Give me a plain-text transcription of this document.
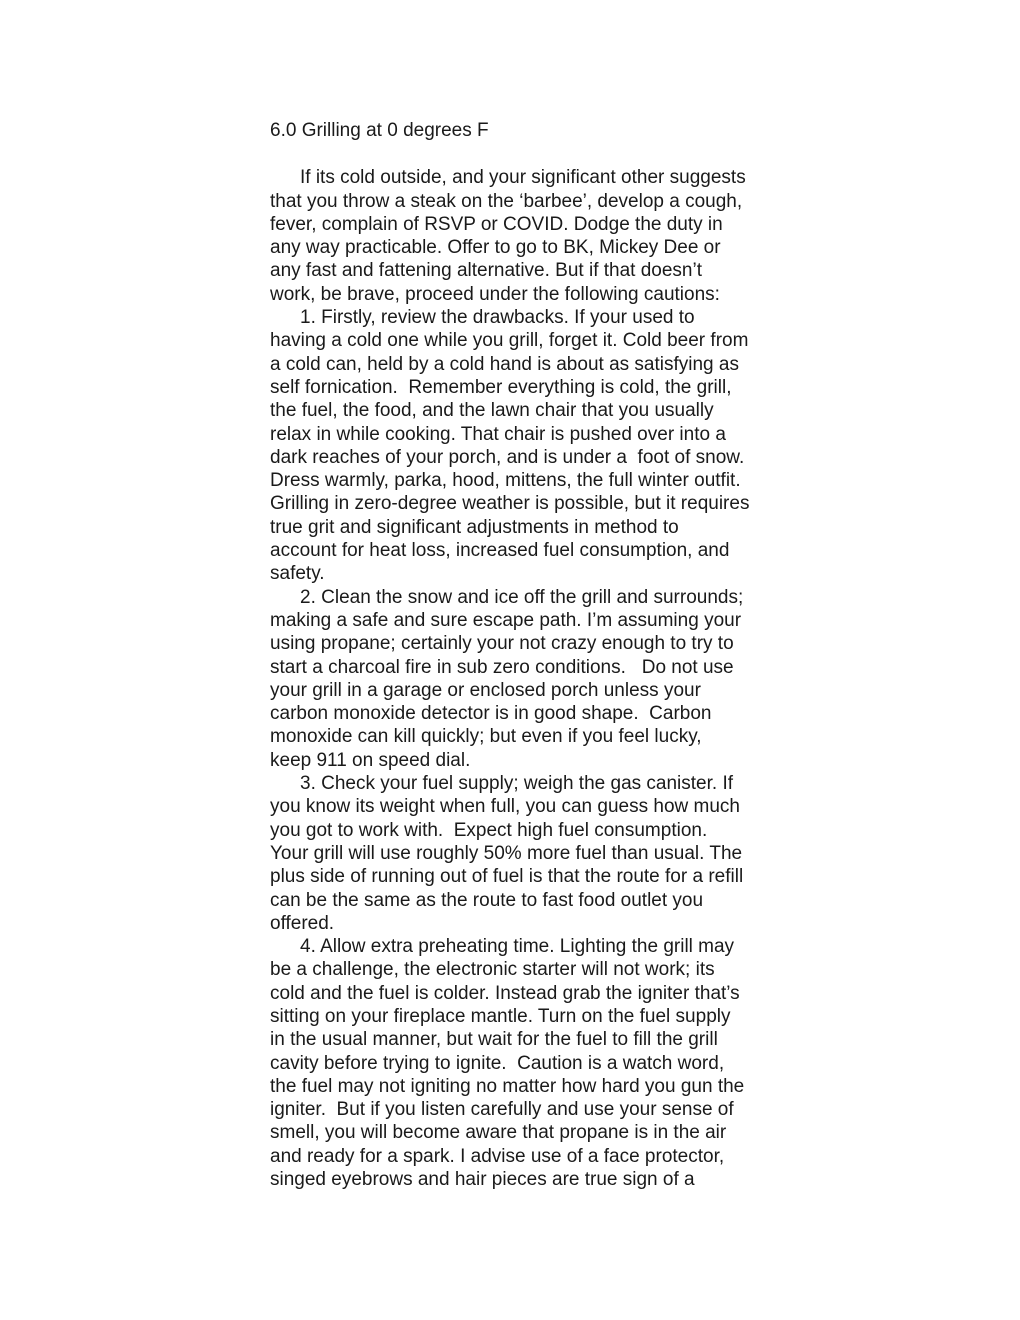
6.0 Grilling at 0 degrees F
If its cold outside, and your significant other suggests
that you throw a steak on the ‘barbee’, develop a cough,
fever, complain of RSVP or COVID. Dodge the duty in
any way practicable. Offer to go to BK, Mickey Dee or
any fast and fattening alternative. But if that doesn’t
work, be brave, proceed under the following cautions:
1. Firstly, review the drawbacks. If your used to
having a cold one while you grill, forget it. Cold beer from
a cold can, held by a cold hand is about as satisfying as
self fornication.  Remember everything is cold, the grill,
the fuel, the food, and the lawn chair that you usually
relax in while cooking. That chair is pushed over into a
dark reaches of your porch, and is under a  foot of snow.
Dress warmly, parka, hood, mittens, the full winter outfit.
Grilling in zero-degree weather is possible, but it requires
true grit and significant adjustments in method to
account for heat loss, increased fuel consumption, and
safety.
2. Clean the snow and ice off the grill and surrounds;
making a safe and sure escape path. I’m assuming your
using propane; certainly your not crazy enough to try to
start a charcoal fire in sub zero conditions.   Do not use
your grill in a garage or enclosed porch unless your
carbon monoxide detector is in good shape.  Carbon
monoxide can kill quickly; but even if you feel lucky,
keep 911 on speed dial.
3. Check your fuel supply; weigh the gas canister. If
you know its weight when full, you can guess how much
you got to work with.  Expect high fuel consumption.
Your grill will use roughly 50% more fuel than usual. The
plus side of running out of fuel is that the route for a refill
can be the same as the route to fast food outlet you
offered.
4. Allow extra preheating time. Lighting the grill may
be a challenge, the electronic starter will not work; its
cold and the fuel is colder. Instead grab the igniter that’s
sitting on your fireplace mantle. Turn on the fuel supply
in the usual manner, but wait for the fuel to fill the grill
cavity before trying to ignite.  Caution is a watch word,
the fuel may not igniting no matter how hard you gun the
igniter.  But if you listen carefully and use your sense of
smell, you will become aware that propane is in the air
and ready for a spark. I advise use of a face protector,
singed eyebrows and hair pieces are true sign of a
